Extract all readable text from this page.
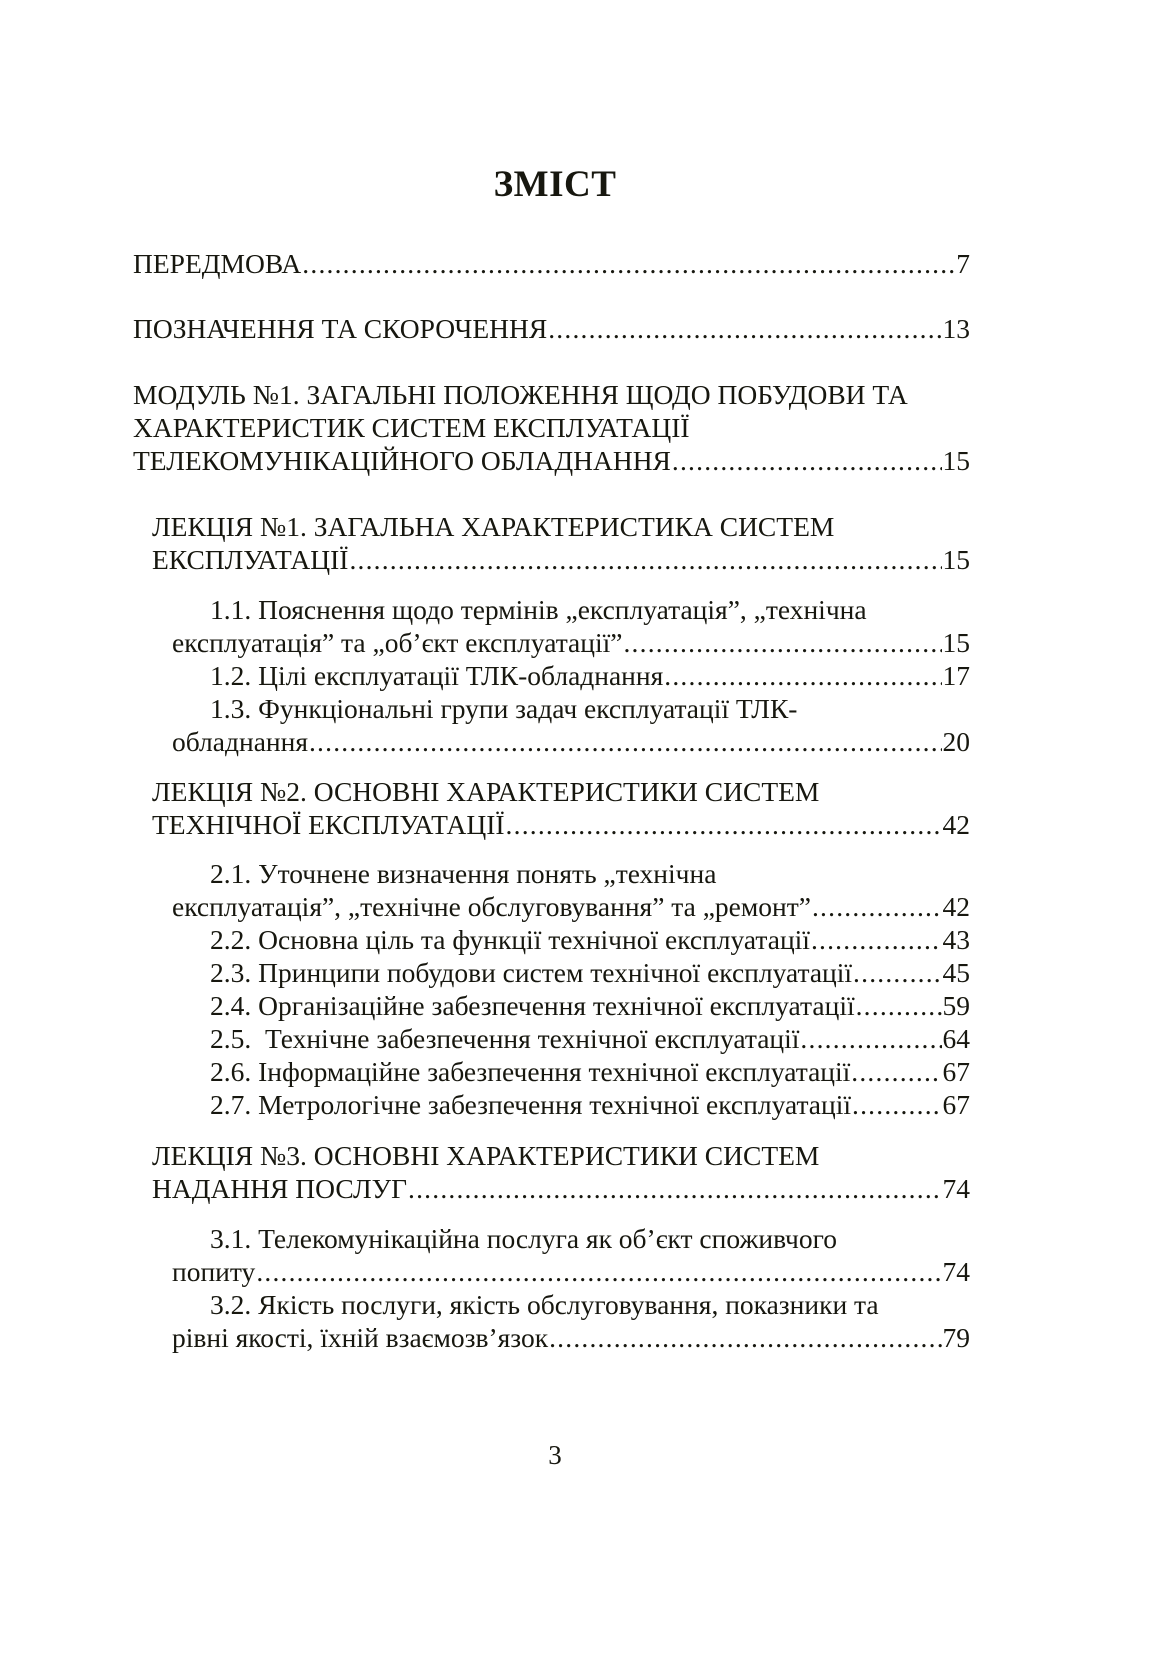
ЗМІСТ
ПЕРЕДМОВА .....	7
ПОЗНАЧЕННЯ ТА СКОРОЧЕННЯ .....	13
МОДУЛЬ №1. ЗАГАЛЬНІ ПОЛОЖЕННЯ ЩОДО ПОБУДОВИ ТА
ХАРАКТЕРИСТИК СИСТЕМ ЕКСПЛУАТАЦІЇ
ТЕЛЕКОМУНІКАЦІЙНОГО ОБЛАДНАННЯ .....	15
ЛЕКЦІЯ №1. ЗАГАЛЬНА ХАРАКТЕРИСТИКА СИСТЕМ
ЕКСПЛУАТАЦІЇ .....	15
1.1. Пояснення щодо термінів „експлуатація”, „технічна
експлуатація” та „об’єкт експлуатації” .....	15
1.2. Цілі експлуатації ТЛК-обладнання .....	17
1.3. Функціональні групи задач експлуатації ТЛК-
обладнання .....	20
ЛЕКЦІЯ №2. ОСНОВНІ ХАРАКТЕРИСТИКИ СИСТЕМ
ТЕХНІЧНОЇ ЕКСПЛУАТАЦІЇ .....	42
2.1. Уточнене визначення понять „технічна
експлуатація”, „технічне обслуговування” та „ремонт” .....	42
2.2. Основна ціль та функції технічної експлуатації .....	43
2.3. Принципи побудови систем технічної експлуатації .....	45
2.4. Організаційне забезпечення технічної експлуатації .....	59
2.5.  Технічне забезпечення технічної експлуатації .....	64
2.6. Інформаційне забезпечення технічної експлуатації .....	67
2.7. Метрологічне забезпечення технічної експлуатації .....	67
ЛЕКЦІЯ №3. ОСНОВНІ ХАРАКТЕРИСТИКИ СИСТЕМ
НАДАННЯ ПОСЛУГ .....	74
3.1. Телекомунікаційна послуга як об’єкт споживчого
попиту .....	74
3.2. Якість послуги, якість обслуговування, показники та
рівні якості, їхній взаємозв’язок .....	79
3
